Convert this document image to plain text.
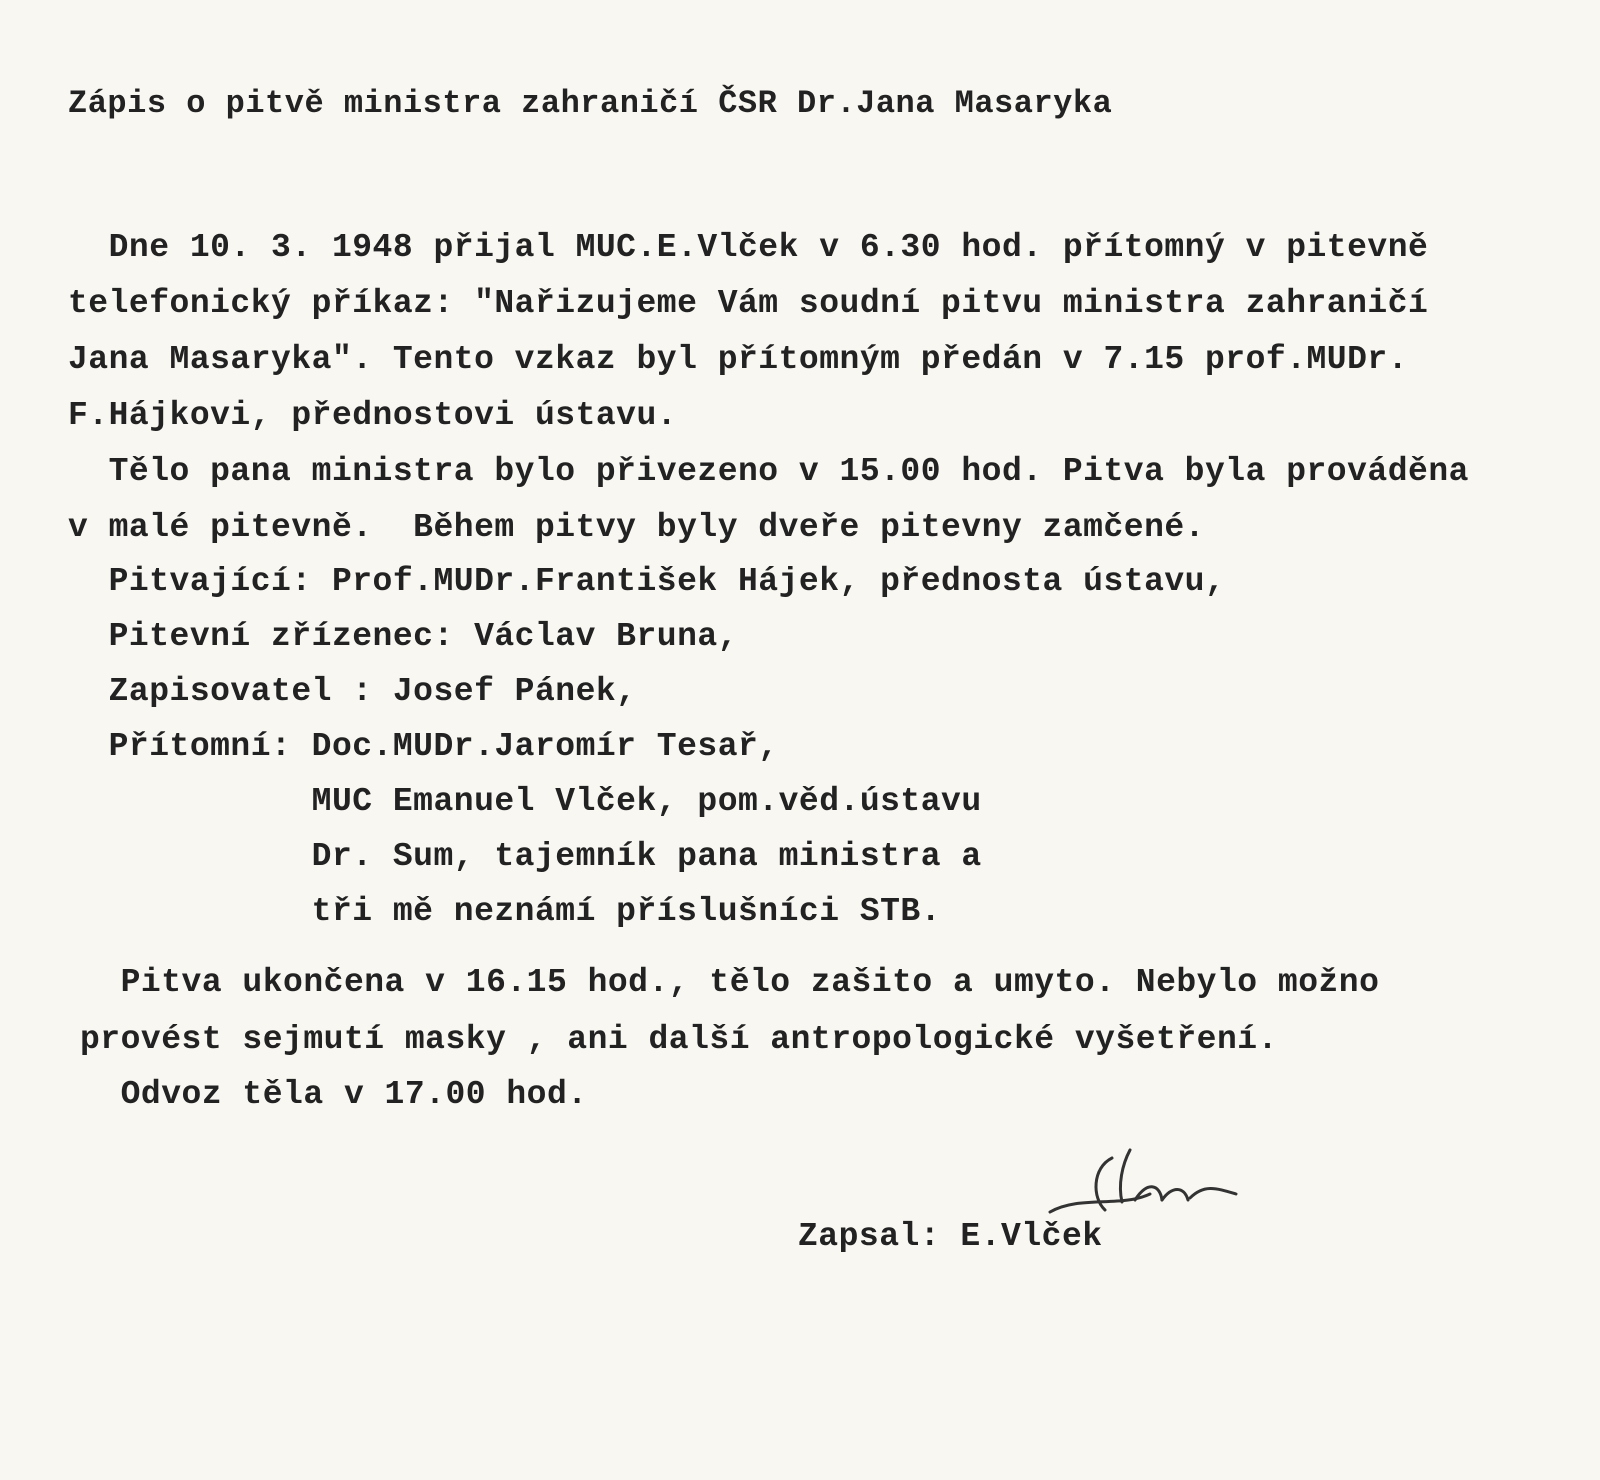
Zápis o pitvě ministra zahraničí ČSR Dr.Jana Masaryka
Dne 10. 3. 1948 přijal MUC.E.Vlček v 6.30 hod. přítomný v pitevně
telefonický příkaz: "Nařizujeme Vám soudní pitvu ministra zahraničí
Jana Masaryka". Tento vzkaz byl přítomným předán v 7.15 prof.MUDr.
F.Hájkovi, přednostovi ústavu.
Tělo pana ministra bylo přivezeno v 15.00 hod. Pitva byla prováděna
v malé pitevně.  Během pitvy byly dveře pitevny zamčené.
Pitvající: Prof.MUDr.František Hájek, přednosta ústavu,
Pitevní zřízenec: Václav Bruna,
Zapisovatel : Josef Pánek,
Přítomní: Doc.MUDr.Jaromír Tesař,
MUC Emanuel Vlček, pom.věd.ústavu
Dr. Sum, tajemník pana ministra a
tři mě neznámí příslušníci STB.
Pitva ukončena v 16.15 hod., tělo zašito a umyto. Nebylo možno
provést sejmutí masky , ani další antropologické vyšetření.
Odvoz těla v 17.00 hod.
Zapsal: E.Vlček
